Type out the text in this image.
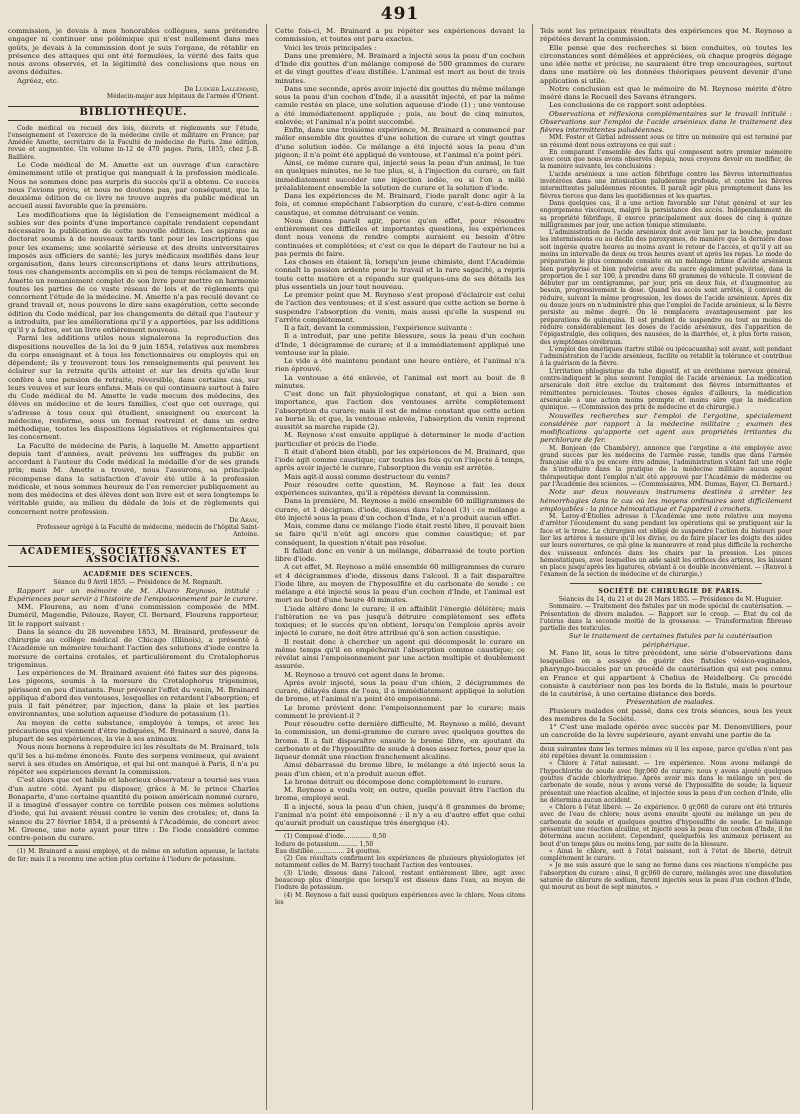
491

commission, je devais à mes honorables collègues, sans prétendre engager ni continuer une polémique qui n'est nullement dans mes goûts, je devais à la commission dont je suis l'organe, de rétablir en présence des attaques qui ont été formulées, la vérité des faits que nous avons observés, et la légitimité des conclusions que nous en avons déduites.

Agréez, etc.

Dr Ludger Lallemand,

Médecin-major aux hôpitaux de l'armée d'Orient.

BIBLIOTHÈQUE.

Code médical ou recueil des lois, décrets et règlements sur l'étude, l'enseignement et l'exercice de la médecine civile et militaire en France; par Amédée Amette, secrétaire de la Faculté de médecine de Paris. 2me édition, revue et augmentée. Un volume in-12 de 470 pages. Paris, 1855, chez J.-B. Baillière.

Le Code médical de M. Amette est un ouvrage d'un caractère éminemment utile et pratique qui manquait à la profession médicale. Nous ne sommes donc pas surpris du succès qu'il a obtenu. Ce succès nous l'avions prévu, et nous ne doutons pas, par conséquent, que la deuxième édition de ce livre ne trouve auprès du public médical un accueil aussi favorable que la première.

Les modifications que la législation de l'enseignement médical a subies sur des points d'une importance capitale rendaient cependant nécessaire la publication de cette nouvelle édition. Les aspirans au doctorat soumis à de nouveaux tarifs tant pour les inscriptions que pour les examens; une scolarité sérieuse et des droits universitaires imposés aux officiers de santé; les jurys médicaux modifiés dans leur organisation, dans leurs circonscriptions et dans leurs attributions, tous ces changements accomplis en si peu de temps réclamaient de M. Amette un remaniement complet de son livre pour mettre en harmonie toutes les parties de ce vaste réseau de lois et de règlements qui concernent l'étude de la médecine. M. Amette n'a pas reculé devant ce grand travail et, nous pouvons le dire sans exagération, cette seconde édition du Code médical, par les changements de détail que l'auteur y a introduits, par les améliorations qu'il y a apportées, par les additions qu'il y a faites, est un livre entièrement nouveau.

Parmi les additions utiles nous signalerons la reproduction des dispositions nouvelles de la loi du 9 juin 1854, relatives aux membres du corps enseignant et à tous les fonctionnaires ou employés qui en dépendent; ils y trouveront tous les renseignements qui peuvent les éclairer sur la retraite qu'ils atteint et sur les droits qu'elle leur confère à une pension de retraite, réversible, dans certains cas, sur leurs veuves et sur leurs enfans. Mais ce qui continuera surtout à faire du Code médical de M. Amette le vade mecum des médecins, des élèves en médecine et de leurs familles, c'est que cet ouvrage, qui s'adresse à tous ceux qui étudient, enseignent ou exercent la médecine, renferme, sous un format restreint et dans un ordre méthodique, toutes les dispositions législatives et réglementaires qui les concernent.

La Faculté de médecine de Paris, à laquelle M. Amette appartient depuis tant d'années, avait prévenu les suffrages du public en accordant à l'auteur du Code médical la médaille d'or de ses grands prix; mais M. Amette a trouvé, nous l'assurons, sa principale récompense dans la satisfaction d'avoir été utile à la profession médicale, et nous sommes heureux de l'en remercier publiquement au nom des médecins et des élèves dont son livre est et sera longtemps le véritable guide, au milieu du dédale de lois et de règlements qui concernent notre profession.

Dr Aran,

Professeur agrégé à la Faculté de médecine, médecin de l'hôpital Saint-Antoine.

ACADÉMIES, SOCIÉTÉS SAVANTES ET ASSOCIATIONS.

ACADÉMIE DES SCIENCES.

Séance du 9 Avril 1855. — Présidence de M. Regnault.

Rapport sur un mémoire de M. Alvaro Reynoso, intitulé : Expériences pour servir à l'histoire de l'empoisonnement par le curare.

MM. Flourens, au nom d'une commission composée de MM. Duméril, Magendie, Pelouze, Rayer, Cl. Bernard, Flourens rapporteur, lit le rapport suivant :

Dans la séance du 28 novembre 1853, M. Brainard, professeur de chirurgie au collége médical de Chicago (Illinois), a présenté à l'Académie un mémoire touchant l'action des solutions d'iode contre la morsure de certains crotales, et particulièrement du Crotalophorus trigeminus.

Les expériences de M. Brainard avaient été faites sur des pigeons. Les pigeons, soumis à la morsure du Crotalophorus trigeminus, périssent en peu d'instants. Pour prévenir l'effet du venin, M. Brainard appliqua d'abord des ventouses, lesquelles en retardent l'absorption; et puis il fait pénétrer, par injection, dans la plaie et les parties environnantes, une solution aqueuse d'iodure de potassium (1).

Au moyen de cette substance, employée à temps, et avec les précautions qui viennent d'être indiquées, M. Brainard a sauvé, dans la plupart de ses expériences, la vie à ses animaux.

Nous nous bornons à reproduire ici les résultats de M. Brainard, tels qu'il les a lui-même énoncés. Faute des serpens venimeux, qui avaient servi à ses études en Amérique, et qui lui ont manqué à Paris, il n'a pu répéter ses expériences devant la commission.

C'est alors que cet habile et laborieux observateur a tourné ses vues d'un autre côté. Ayant pu disposer, grâce à M. le prince Charles Bonaparte, d'une certaine quantité du poison américain nommé curare, il a imaginé d'essayer contre ce terrible poison ces mêmes solutions d'iode, qui lui avaient réussi contre le venin des crotales; et, dans la séance du 27 février 1854, il a présenté à l'Académie, de concert avec M. Greene, une note ayant pour titre : De l'iode considéré comme contre-poison du curare.

(1) M. Brainard a aussi employé, et de même en solution aqueuse, le lactate de fer; mais il a reconnu une action plus certaine à l'iodure de potassium.

Cette fois-ci, M. Brainard a pu répéter ses expériences devant la commission, et toutes ont paru exactes.

Voici les trois principales :

Dans une première, M. Brainard a injecté sous la peau d'un cochon d'Inde dix gouttes d'un mélange composé de 500 grammes de curare et de vingt gouttes d'eau distillée. L'animal est mort au bout de trois minutes.

Dans une seconde, après avoir injecté dix gouttes du même mélange sous la peau d'un cochon d'Inde, il a aussitôt injecté, et par la même canule restée en place, une solution aqueuse d'iode (1) ; une ventouse a été immédiatement appliquée ; puis, au bout de cinq minutes, enlevée; et l'animal n'a point succombé.

Enfin, dans une troisième expérience, M. Brainard a commencé par mêler ensemble dix gouttes d'une solution de curare et vingt gouttes d'une solution iodée. Ce mélange a été injecté sous la peau d'un pigeon; il n'a point été appliqué de ventouse, et l'animal n'a point péri.

Ainsi, ce même curare qui, injecté sous la peau d'un animal, le tue en quelques minutes, ne le tue plus, si, à l'injection du curare, on fait immédiatement succéder une injection iodée, ou si l'on a mêlé préalablement ensemble la solution de curare et la solution d'iode.

Dans les expériences de M. Brainard, l'iode paraît donc agir à la fois, et comme empêchant l'absorption du curare, c'est-à-dire comme caustique, et comme détruisant ce venin.

Nous disons paraît agir, parce qu'en effet, pour résoudre entièrement ces difficiles et importantes questions, les expériences dont nous venons de rendre compte auraient eu besoin d'être continuées et complétées; et c'est ce que le départ de l'auteur ne lui a pas permis de faire.

Les choses en étaient là, lorsqu'un jeune chimiste, dont l'Académie connaît la passion ardente pour le travail et la rare sagacité, a repris toute cette matière et a répandu sur quelques-uns de ses détails les plus essentiels un jour tout nouveau.

Le premier point que M. Reynoso s'est proposé d'éclaircir est celui de l'action des ventouses; et il s'est assuré que cette action se borne à suspendre l'absorption du venin, mais aussi qu'elle la suspend ou l'arrête complétement.

Il a fait, devant la commission, l'expérience suivante :

Il a introduit, par une petite blessure, sous la peau d'un cochon d'Inde, 1 décigramme de curare; et il a immédiatement appliqué une ventouse sur la plaie.

Le vide a été maintenu pendant une heure entière, et l'animal n'a rien éprouvé.

La ventouse a été enlevée, et l'animal est mort au bout de 8 minutes.

C'est donc un fait physiologique constant, et qui a bien son importance, que l'action des ventouses arrête complètement l'absorption du curare; mais il est de même constant que cette action se borne là; et que, la ventouse enlevée, l'absorption du venin reprend aussitôt sa marche rapide (2).

M. Reynoso s'est ensuite appliqué à déterminer le mode d'action particulier et précis de l'iode.

Il était d'abord bien établi, par les expériences de M. Brainard, que l'iode agit comme caustique; car toutes les fois qu'on l'injecte à temps, après avoir injecté le curare, l'absorption du venin est arrêtée.

Mais agit-il aussi comme destructeur du venin?

Pour résoudre cette question, M. Reynoso a fait les deux expériences suivantes, qu'il a répétées devant la commission.

Dans la première, M. Reynoso a mêlé ensemble 60 milligrammes de curare, et 1 décigram. d'iode, dissous dans l'alcool (3) : ce mélange a été injecté sous la peau d'un cochon d'Inde, et n'a produit aucun effet.

Mais, comme dans ce mélange l'iode était resté libre, il pouvait bien se faire qu'il n'eût agi encore que comme caustique; et par conséquent, la question n'était pas résolue.

Il fallait donc en venir à un mélange, débarrassé de toute portion libre d'iode.

A cet effet, M. Reynoso a mêlé ensemble 60 milligrammes de curare et 4 décigrammes d'iode, dissous dans l'alcool. Il a fait disparaître l'iode libre, au moyen de l'hyposulfite et du carbonate de soude : ce mélange a été injecté sous la peau d'un cochon d'Inde, et l'animal est mort au bout d'une heure 40 minutes.

L'iode altère donc le curare; il en affaiblit l'énergie délétère; mais l'altération ne va pas jusqu'à détruire complètement ses effets toxiques; et le succès qu'on obtient, lorsqu'on l'emploie après avoir injecté le curare, ne doit être attribué qu'à son action caustique.

Il restait donc à chercher un agent qui décomposât le curare en même temps qu'il en empêcherait l'absorption comme caustique; ce révélat ainsi l'empoisonnement par une action multiple et doublement assurée.

M. Reynoso a trouvé cet agent dans le brome.

Après avoir injecté, sous la peau d'un chien, 2 décigrammes de curare, délayés dans de l'eau, il a immédiatement appliqué la solution de brome, et l'animal n'a point été empoisonné.

Le brome prévient donc l'empoisonnement par le curare; mais comment le prévient-il ?

Pour résoudre cette dernière difficulté, M. Reynoso a mêlé, devant la commission, un demi-gramme de curare avec quelques gouttes de brome. Il a fait disparaître ensuite le brome libre, en ajoutant du carbonate et de l'hyposulfite de soude à doses assez fortes, pour que la liqueur donnât une réaction franchement alcaline.

Ainsi débarrassé du brome libre, le mélange a été injecté sous la peau d'un chien, et n'a produit aucun effet.

Le brome détruit ou décompose donc complètement le curare.

M. Reynoso a voulu voir, en outre, quelle pouvait être l'action du brome, employé seul.

Il a injecté, sous la peau d'un chien, jusqu'à 8 grammes de brome; l'animal n'a point été empoisonné : il n'y a eu d'autre effet que celui qu'aurait produit un caustique très énergique (4).

(1) Composé d'iode.............. 0,50
Iodure de potassium.......... 1,50
Eau distillée................ 24 gouttes.

(2) Ces résultats confirment les expériences de plusieurs physiologistes (et notamment celles de M. Barry) touchant l'action des ventouses.

(3) L'iode, dissous dans l'alcool, restant entièrement libre, agit avec beaucoup plus d'énergie que lorsqu'il est dissous dans l'eau, au moyen de l'iodure de potassium.

(4) M. Reynoso a fait aussi quelques expériences avec le chlore. Nous citons les

Tels sont les principaux résultats des expériences que M. Reynoso a répétées devant la commission.

Elle pense que des recherches si bien conduites, où toutes les circonstances sont démêlées et appréciées, où chaque progrès dégage une idée nette et précise, ne sauraient être trop encouragées, surtout dans une matière où les données théoriques peuvent devenir d'une application si utile.

Notre conclusion est que le mémoire de M. Reynoso mérite d'être inséré dans le Recueil des Savans étrangers.

Les conclusions de ce rapport sont adoptées.

Observations et réflexions complémentaires sur le travail intitulé : Observations sur l'emploi de l'acide arsénieux dans le traitement des fièvres intermittentes paludéennes.

MM. Foster et Girbal adressent sous ce titre un mémoire qui est terminé par un résumé dont nous extrayons ce qui suit :

En comparant l'ensemble des faits qui composent notre premier mémoire avec ceux que nous avons observés depuis, nous croyons devoir en modifier, de la manière suivante, les conclusions :

L'acide arsénieux a une action fébrifuge contre les fièvres intermittentes invétérées dans une intoxication paludéenne profonde, et contre les fièvres intermittentes paludéennes récentes. Il paraît agir plus promptement dans les fièvres tierces que dans les quotidiennes et les quartes.

Dans quelques cas, il a une action favorable sur l'état général et sur les engorgemens viscéraux, malgré la persistance des accès. Indépendamment de sa propriété fébrifuge, il exerce principalement aux doses de cinq à quinze milligrammes par jour, une action tonique stimulante.

L'administration de l'acide arsénieux doit avoir lieu par la bouche, pendant les intermissions ou au déclin des paroxysmes, de manière que la dernière dose soit ingérée quatre heures au moins avant le retour de l'accès, et qu'il y ait au moins un intervalle de deux ou trois heures avant et après les repas. Le mode de préparation le plus commode consiste en un mélange intime d'acide arsénieux bien porphyrisé et bien pulvérisé avec du sucre également pulvérisé, dans la proportion de 1 sur 100, à prendre dans 60 grammes de véhicule. Il convient de débuter par un centigramme, par jour, pris en deux fois, et d'augmenter, au besoin, progressivement la dose. Quand les accès sont arrêtés, il convient de réduire, suivant la même progression, les doses de l'acide arsénieux. Après dix ou douze jours on n'administre plus que l'emploi de l'acide arsénieux, si la fièvre persiste au même degré. On le remplacera avantageusement par les préparations de quinquina. Il est prudent de suspendre ou tout au moins de réduire considérablement les doses de l'acide arsénieux, dès l'apparition de l'épigastralgie, des coliques, des nausées, de la diarrhée, et, à plus forte raison, des symptômes cérébraux.

L'emploi des émétiques (tartre stibié ou ipécacuanha) soit avant, soit pendant l'administration de l'acide arsénieux, facilite ou rétablit la tolérance et contribue à la guérison de la fièvre.

L'irritation phlogistique du tube digestif, et un éréthisme nerveux général, contre-indiquent le plus souvent l'emploi de l'acide arsénieux. La médication arsenicale doit être exclue du traitement des fièvres intermittentes et rémittentes pernicieuses. Toutes choses égales d'ailleurs, la médication arsenicale a une action moins prompte et moins sûre que la médication quinique. — (Commission des prix de médecine et de chirurgie.)

Nouvelles recherches sur l'emploi de l'ergotine, spécialement considérée par rapport à la médecine militaire ; examen des modifications qu'apporte cet agent aux propriétés irritantes du perchlorure de fer.

M. Bonjean (de Chambéry), annonce que l'ergotine a été employée avec grand succès par les médecins de l'armée russe, tandis que dans l'armée française elle n'a pu encore être admise, l'administration s'étant fait une règle de n'introduire dans la pratique de la médecine militaire aucun agent thérapeutique dont l'emploi n'ait été approuvé par l'Académie de médecine ou par l'Académie des sciences. — (Commissaires, MM. Dumas, Rayer, Cl. Bernard.)

Note sur deux nouveaux instrumens destinés à arrêter les hémorrhagies dans le cas où les moyens ordinaires sont difficilement employables : la pince hémostatique et l'appareil à crochets.

M. Leroy-d'Étiolles adresse à l'Académie une note relative aux moyens d'arrêter l'écoulement du sang pendant les opérations qui se pratiquent sur la face et le tronc. Le chirurgien est obligé de suspendre l'action du bistouri pour lier les artères à mesure qu'il les divise, ou de faire placer les doigts des aides sur leurs ouvertures, ce qui gêne la manœuvre et rend plus difficile la recherche des vaisseaux enfoncés dans les chairs par la pression. Les pinces hémostatiques, avec lesquelles un aide saisit les orifices des artères, les laissant en place jusqu'après les ligatures, obviant à ce double inconvénient. — (Renvoi à l'examen de la section de médecine et de chirurgie.)

SOCIÉTÉ DE CHIRURGIE DE PARIS.

Séances du 14, du 21 et du 28 Mars 1855. — Présidence de M. Huguier.

Sommaire. — Traitement des fistules par un mode spécial de cautérisation. — Présentation de divers malades. — Rapport sur le croup. — État du col de l'utérus dans la seconde moitié de la grossesse. — Transformation fibreuse partielle des testicules.

Sur le traitement de certaines fistules par la cautérisation périphérique.

M. Fano lit, sous le titre précédent, une série d'observations dans lesquelles on a essayé de guérir des fistules vésico-vaginales, pharyngo-buccales par un procédé de cautérisation qui est peu connu en France et qui appartient à Chelius de Heidelberg. Ce procédé consiste à cautériser non pas les bords de la fistule, mais le pourtour de la cautérisé, à une certaine distance des bords.

Présentation de malades.

Plusieurs malades ont passé, dans ces trois séances, sous les yeux des membres de la Société.

1° C'est une malade opérée avec succès par M. Denonvilliers, pour un cancroïde de la lèvre supérieure, ayant envahi une partie de la

deux suivantes dans les termes mêmes où il les expose, parce qu'elles n'ont pas été répétées devant la commission :

« Chlore à l'état naissant. — 1re expérience. Nous avons mélangé de l'hypochlorite de soude avec 0gr,060 de curare; nous y avons ajouté quelques gouttes d'acide chlorhydrique. Après avoir mis dans le mélange un peu de carbonate de soude, nous y avons versé de l'hyposulfite de soude; la liqueur présentait une réaction alcaline, et injectée sous la peau d'un cochon d'Inde, elle ne détermina aucun accident.

« Chlore à l'état libéré. — 2e expérience. 0 gr,060 de curare ont été triturés avec de l'eau de chlore; nous avons ensuite ajouté au mélange un peu de carbonate de soude et quelques gouttes d'hyposulfite de soude. Le mélange présentait une réaction alcaline, et injecté sous la peau d'un cochon d'Inde, il ne détermina aucun accident. Cependant, quelquefois les animaux périssent au bout d'un temps plus ou moins long, par suite de la blessure.

« Ainsi le chlore, soit à l'état naissant, soit à l'état de liberté, détruit complètement le curare.

« Je me suis assuré que le sang ne forme dans ces réactions n'empêche pas l'absorption du curare : ainsi, 0 gr,060 de curare, mélangés avec une dissolution saturée de chlorure de sodium, furent injectés sous la peau d'un cochon d'Inde, qui mourut au bout de sept minutes. »
